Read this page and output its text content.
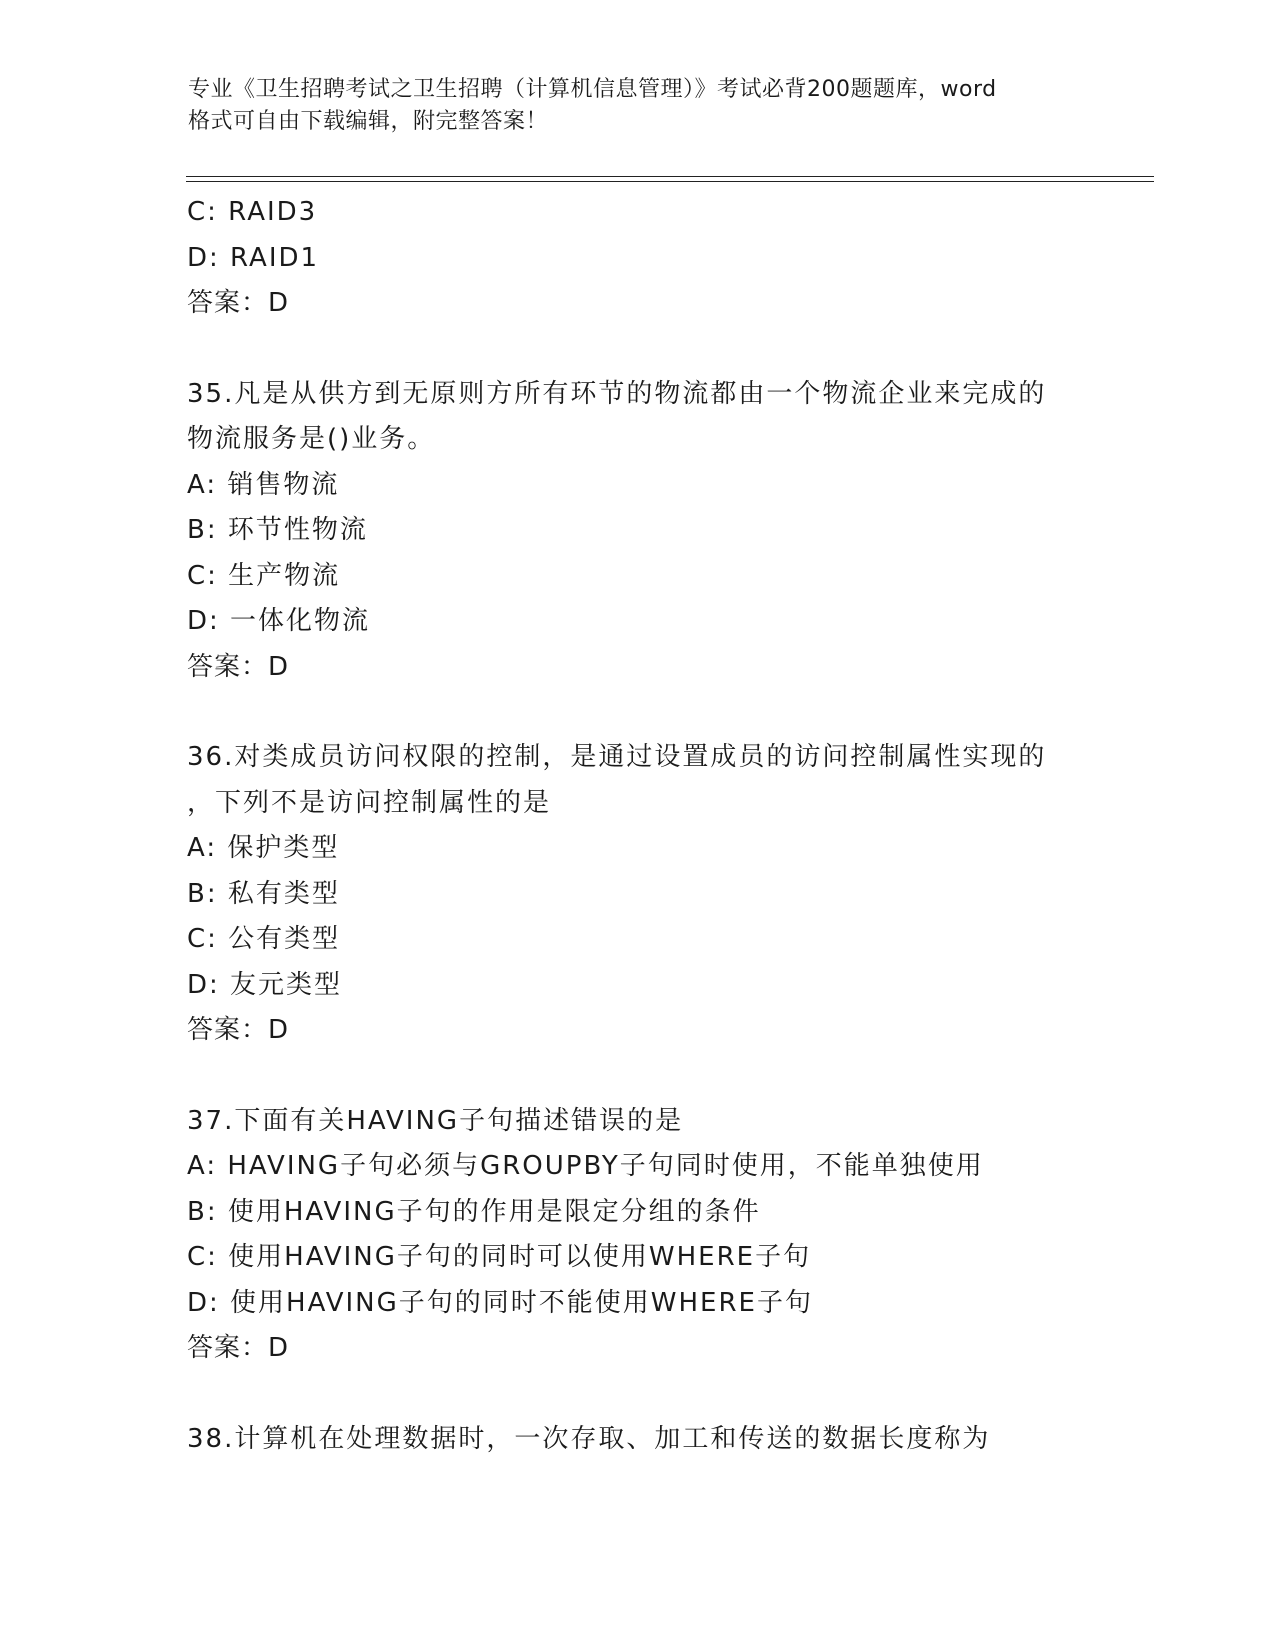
专业《卫生招聘考试之卫生招聘（计算机信息管理）》考试必背200题题库，word
格式可自由下载编辑，附完整答案！
C: RAID3
D: RAID1
答案：D
35.凡是从供方到无原则方所有环节的物流都由一个物流企业来完成的
物流服务是()业务。
A: 销售物流
B: 环节性物流
C: 生产物流
D: 一体化物流
答案：D
36.对类成员访问权限的控制，是通过设置成员的访问控制属性实现的
，下列不是访问控制属性的是
A: 保护类型
B: 私有类型
C: 公有类型
D: 友元类型
答案：D
37.下面有关HAVING子句描述错误的是
A: HAVING子句必须与GROUPBY子句同时使用，不能单独使用
B: 使用HAVING子句的作用是限定分组的条件
C: 使用HAVING子句的同时可以使用WHERE子句
D: 使用HAVING子句的同时不能使用WHERE子句
答案：D
38.计算机在处理数据时，一次存取、加工和传送的数据长度称为
